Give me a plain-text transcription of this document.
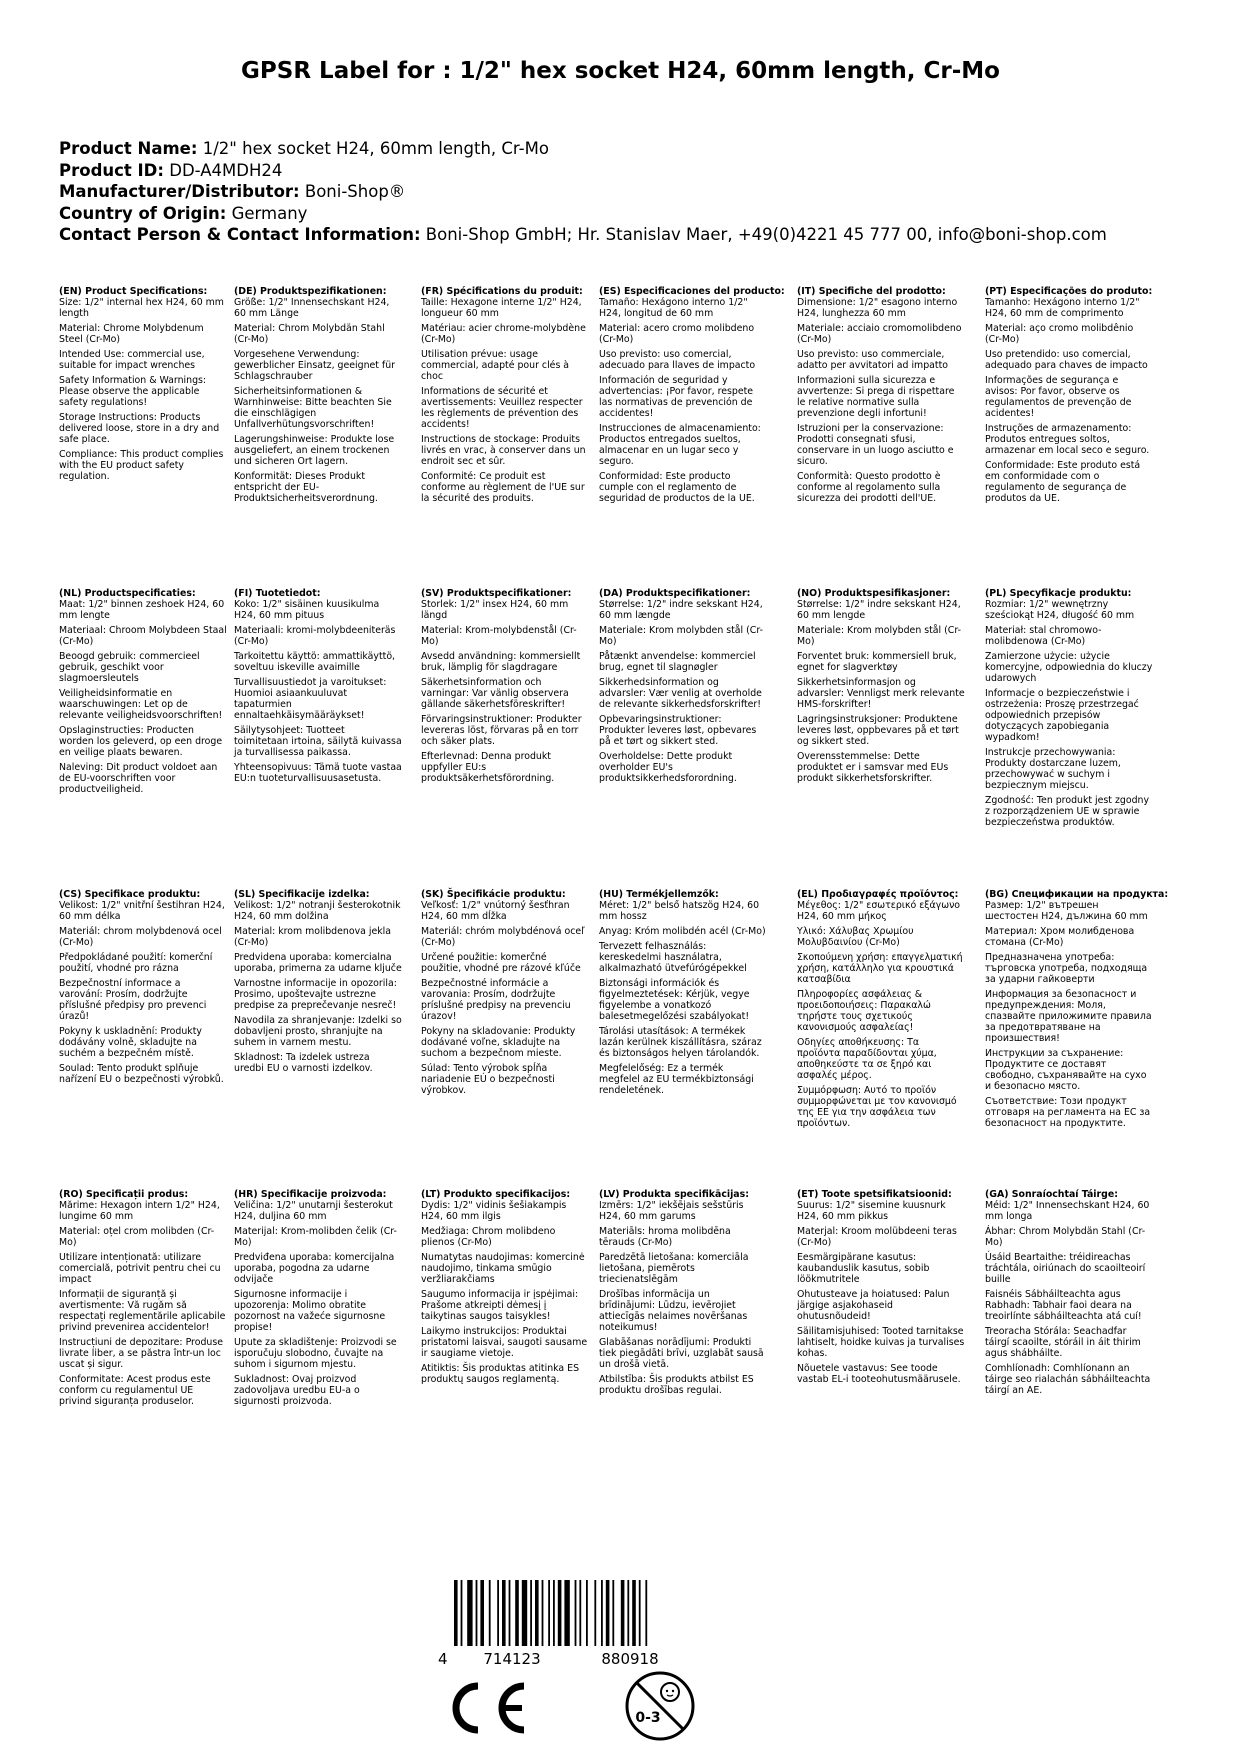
GPSR Label for : 1/2" hex socket H24, 60mm length, Cr-Mo
Product Name: 1/2" hex socket H24, 60mm length, Cr-Mo
Product ID: DD-A4MDH24
Manufacturer/Distributor: Boni-Shop®
Country of Origin: Germany
Contact Person & Contact Information: Boni-Shop GmbH; Hr. Stanislav Maer, +49(0)4221 45 777 00, info@boni-shop.com
(EN) Product Specifications:
Size: 1/2" internal hex H24, 60 mm length
Material: Chrome Molybdenum Steel (Cr-Mo)
Intended Use: commercial use, suitable for impact wrenches
Safety Information & Warnings: Please observe the applicable safety regulations!
Storage Instructions: Products delivered loose, store in a dry and safe place.
Compliance: This product complies with the EU product safety regulation.
(DE) Produktspezifikationen:
Größe: 1/2" Innensechskant H24, 60 mm Länge
Material: Chrom Molybdän Stahl (Cr-Mo)
Vorgesehene Verwendung: gewerblicher Einsatz, geeignet für Schlagschrauber
Sicherheitsinformationen & Warnhinweise: Bitte beachten Sie die einschlägigen Unfallverhütungsvorschriften!
Lagerungshinweise: Produkte lose ausgeliefert, an einem trockenen und sicheren Ort lagern.
Konformität: Dieses Produkt entspricht der EU-Produktsicherheitsverordnung.
(FR) Spécifications du produit:
Taille: Hexagone interne 1/2" H24, longueur 60 mm
Matériau: acier chrome-molybdène (Cr-Mo)
Utilisation prévue: usage commercial, adapté pour clés à choc
Informations de sécurité et avertissements: Veuillez respecter les règlements de prévention des accidents!
Instructions de stockage: Produits livrés en vrac, à conserver dans un endroit sec et sûr.
Conformité: Ce produit est conforme au règlement de l'UE sur la sécurité des produits.
(ES) Especificaciones del producto:
Tamaño: Hexágono interno 1/2" H24, longitud de 60 mm
Material: acero cromo molibdeno (Cr-Mo)
Uso previsto: uso comercial, adecuado para llaves de impacto
Información de seguridad y advertencias: ¡Por favor, respete las normativas de prevención de accidentes!
Instrucciones de almacenamiento: Productos entregados sueltos, almacenar en un lugar seco y seguro.
Conformidad: Este producto cumple con el reglamento de seguridad de productos de la UE.
(IT) Specifiche del prodotto:
Dimensione: 1/2" esagono interno H24, lunghezza 60 mm
Materiale: acciaio cromomolibdeno (Cr-Mo)
Uso previsto: uso commerciale, adatto per avvitatori ad impatto
Informazioni sulla sicurezza e avvertenze: Si prega di rispettare le relative normative sulla prevenzione degli infortuni!
Istruzioni per la conservazione: Prodotti consegnati sfusi, conservare in un luogo asciutto e sicuro.
Conformità: Questo prodotto è conforme al regolamento sulla sicurezza dei prodotti dell'UE.
(PT) Especificações do produto:
Tamanho: Hexágono interno 1/2" H24, 60 mm de comprimento
Material: aço cromo molibdênio (Cr-Mo)
Uso pretendido: uso comercial, adequado para chaves de impacto
Informações de segurança e avisos: Por favor, observe os regulamentos de prevenção de acidentes!
Instruções de armazenamento: Produtos entregues soltos, armazenar em local seco e seguro.
Conformidade: Este produto está em conformidade com o regulamento de segurança de produtos da UE.
(NL) Productspecificaties:
Maat: 1/2" binnen zeshoek H24, 60 mm lengte
Materiaal: Chroom Molybdeen Staal (Cr-Mo)
Beoogd gebruik: commercieel gebruik, geschikt voor slagmoersleutels
Veiligheidsinformatie en waarschuwingen: Let op de relevante veiligheidsvoorschriften!
Opslaginstructies: Producten worden los geleverd, op een droge en veilige plaats bewaren.
Naleving: Dit product voldoet aan de EU-voorschriften voor productveiligheid.
(FI) Tuotetiedot:
Koko: 1/2" sisäinen kuusikulma H24, 60 mm pituus
Materiaali: kromi-molybdeeniteräs (Cr-Mo)
Tarkoitettu käyttö: ammattikäyttö, soveltuu iskeville avaimille
Turvallisuustiedot ja varoitukset: Huomioi asiaankuuluvat tapaturmien ennaltaehkäisymääräykset!
Säilytysohjeet: Tuotteet toimitetaan irtoina, säilytä kuivassa ja turvallisessa paikassa.
Yhteensopivuus: Tämä tuote vastaa EU:n tuoteturvallisuusasetusta.
(SV) Produktspecifikationer:
Storlek: 1/2" insex H24, 60 mm längd
Material: Krom-molybdenstål (Cr-Mo)
Avsedd användning: kommersiellt bruk, lämplig för slagdragare
Säkerhetsinformation och varningar: Var vänlig observera gällande säkerhetsföreskrifter!
Förvaringsinstruktioner: Produkter levereras löst, förvaras på en torr och säker plats.
Efterlevnad: Denna produkt uppfyller EU:s produktsäkerhetsförordning.
(DA) Produktspecifikationer:
Størrelse: 1/2" indre sekskant H24, 60 mm længde
Materiale: Krom molybden stål (Cr-Mo)
Påtænkt anvendelse: kommerciel brug, egnet til slagnøgler
Sikkerhedsinformation og advarsler: Vær venlig at overholde de relevante sikkerhedsforskrifter!
Opbevaringsinstruktioner: Produkter leveres løst, opbevares på et tørt og sikkert sted.
Overholdelse: Dette produkt overholder EU's produktsikkerhedsforordning.
(NO) Produktspesifikasjoner:
Størrelse: 1/2" indre sekskant H24, 60 mm lengde
Materiale: Krom molybden stål (Cr-Mo)
Forventet bruk: kommersiell bruk, egnet for slagverktøy
Sikkerhetsinformasjon og advarsler: Vennligst merk relevante HMS-forskrifter!
Lagringsinstruksjoner: Produktene leveres løst, oppbevares på et tørt og sikkert sted.
Overensstemmelse: Dette produktet er i samsvar med EUs produkt sikkerhetsforskrifter.
(PL) Specyfikacje produktu:
Rozmiar: 1/2" wewnętrzny sześciokąt H24, długość 60 mm
Materiał: stal chromowo-molibdenowa (Cr-Mo)
Zamierzone użycie: użycie komercyjne, odpowiednia do kluczy udarowych
Informacje o bezpieczeństwie i ostrzeżenia: Proszę przestrzegać odpowiednich przepisów dotyczących zapobiegania wypadkom!
Instrukcje przechowywania: Produkty dostarczane luzem, przechowywać w suchym i bezpiecznym miejscu.
Zgodność: Ten produkt jest zgodny z rozporządzeniem UE w sprawie bezpieczeństwa produktów.
(CS) Specifikace produktu:
Velikost: 1/2" vnitřní šestihran H24, 60 mm délka
Materiál: chrom molybdenová ocel (Cr-Mo)
Předpokládané použití: komerční použití, vhodné pro rázna
Bezpečnostní informace a varování: Prosím, dodržujte příslušné předpisy pro prevenci úrazů!
Pokyny k uskladnění: Produkty dodávány volně, skladujte na suchém a bezpečném místě.
Soulad: Tento produkt splňuje nařízení EU o bezpečnosti výrobků.
(SL) Specifikacije izdelka:
Velikost: 1/2" notranji šesterokotnik H24, 60 mm dolžina
Material: krom molibdenova jekla (Cr-Mo)
Predvidena uporaba: komercialna uporaba, primerna za udarne ključe
Varnostne informacije in opozorila: Prosimo, upoštevajte ustrezne predpise za preprečevanje nesreč!
Navodila za shranjevanje: Izdelki so dobavljeni prosto, shranjujte na suhem in varnem mestu.
Skladnost: Ta izdelek ustreza uredbi EU o varnosti izdelkov.
(SK) Špecifikácie produktu:
Veľkosť: 1/2" vnútorný šesťhran H24, 60 mm dĺžka
Materiál: chróm molybdénová oceľ (Cr-Mo)
Určené použitie: komerčné použitie, vhodné pre rázové kľúče
Bezpečnostné informácie a varovania: Prosím, dodržujte príslušné predpisy na prevenciu úrazov!
Pokyny na skladovanie: Produkty dodávané voľne, skladujte na suchom a bezpečnom mieste.
Súlad: Tento výrobok spĺňa nariadenie EÚ o bezpečnosti výrobkov.
(HU) Termékjellemzők:
Méret: 1/2" belső hatszög H24, 60 mm hossz
Anyag: Króm molibdén acél (Cr-Mo)
Tervezett felhasználás: kereskedelmi használatra, alkalmazható ütvefúrógépekkel
Biztonsági információk és figyelmeztetések: Kérjük, vegye figyelembe a vonatkozó balesetmegelőzési szabályokat!
Tárolási utasítások: A termékek lazán kerülnek kiszállításra, száraz és biztonságos helyen tárolandók.
Megfelelőség: Ez a termék megfelel az EU termékbiztonsági rendeletének.
(EL) Προδιαγραφές προϊόντος:
Μέγεθος: 1/2" εσωτερικό εξάγωνο H24, 60 mm μήκος
Υλικό: Χάλυβας Χρωμίου Μολυβδαινίου (Cr-Mo)
Σκοπούμενη χρήση: επαγγελματική χρήση, κατάλληλο για κρουστικά κατσαβίδια
Πληροφορίες ασφάλειας & προειδοποιήσεις: Παρακαλώ τηρήστε τους σχετικούς κανονισμούς ασφαλείας!
Οδηγίες αποθήκευσης: Τα προϊόντα παραδίδονται χύμα, αποθηκεύστε τα σε ξηρό και ασφαλές μέρος.
Συμμόρφωση: Αυτό το προϊόν συμμορφώνεται με τον κανονισμό της ΕΕ για την ασφάλεια των προϊόντων.
(BG) Спецификации на продукта:
Размер: 1/2" вътрешен шестостен H24, дължина 60 mm
Материал: Хром молибденова стомана (Cr-Mo)
Предназначена употреба: търговска употреба, подходяща за ударни гайковерти
Информация за безопасност и предупреждения: Моля, спазвайте приложимите правила за предотвратяване на произшествия!
Инструкции за съхранение: Продуктите се доставят свободно, съхранявайте на сухо и безопасно място.
Съответствие: Този продукт отговаря на регламента на ЕС за безопасност на продуктите.
(RO) Specificații produs:
Mărime: Hexagon intern 1/2" H24, lungime 60 mm
Material: oțel crom molibden (Cr-Mo)
Utilizare intenționată: utilizare comercială, potrivit pentru chei cu impact
Informații de siguranță și avertismente: Vă rugăm să respectați reglementările aplicabile privind prevenirea accidentelor!
Instrucțiuni de depozitare: Produse livrate liber, a se păstra într-un loc uscat și sigur.
Conformitate: Acest produs este conform cu regulamentul UE privind siguranța produselor.
(HR) Specifikacije proizvoda:
Veličina: 1/2" unutarnji šesterokut H24, duljina 60 mm
Materijal: Krom-molibden čelik (Cr-Mo)
Predviđena uporaba: komercijalna uporaba, pogodna za udarne odvijače
Sigurnosne informacije i upozorenja: Molimo obratite pozornost na važeće sigurnosne propise!
Upute za skladištenje: Proizvodi se isporučuju slobodno, čuvajte na suhom i sigurnom mjestu.
Sukladnost: Ovaj proizvod zadovoljava uredbu EU-a o sigurnosti proizvoda.
(LT) Produkto specifikacijos:
Dydis: 1/2" vidinis šešiakampis H24, 60 mm ilgis
Medžiaga: Chrom molibdeno plienos (Cr-Mo)
Numatytas naudojimas: komercinė naudojimo, tinkama smūgio veržliarakčiams
Saugumo informacija ir įspėjimai: Prašome atkreipti dėmesį į taikytinas saugos taisykles!
Laikymo instrukcijos: Produktai pristatomi laisvai, saugoti sausame ir saugiame vietoje.
Atitiktis: Šis produktas atitinka ES produktų saugos reglamentą.
(LV) Produkta specifikācijas:
Izmērs: 1/2" iekšējais sešstūris H24, 60 mm garums
Materiāls: hroma molibdēna tērauds (Cr-Mo)
Paredzētā lietošana: komerciāla lietošana, piemērots triecienatslēgām
Drošības informācija un brīdinājumi: Lūdzu, ievērojiet attiecīgās nelaimes novēršanas noteikumus!
Glabāšanas norādījumi: Produkti tiek piegādāti brīvi, uzglabāt sausā un drošā vietā.
Atbilstība: Šis produkts atbilst ES produktu drošības regulai.
(ET) Toote spetsifikatsioonid:
Suurus: 1/2" sisemine kuusnurk H24, 60 mm pikkus
Materjal: Kroom molübdeeni teras (Cr-Mo)
Eesmärgipärane kasutus: kaubanduslik kasutus, sobib löökmutritele
Ohutusteave ja hoiatused: Palun järgige asjakohaseid ohutusnõudeid!
Säilitamisjuhised: Tooted tarnitakse lahtiselt, hoidke kuivas ja turvalises kohas.
Nõuetele vastavus: See toode vastab EL-i tooteohutusmäärusele.
(GA) Sonraíochtaí Táirge:
Méid: 1/2" Innensechskant H24, 60 mm longa
Ábhar: Chrom Molybdän Stahl (Cr-Mo)
Úsáid Beartaithe: tréidireachas tráchtála, oiriúnach do scaoilteoirí buille
Faisnéis Sábháilteachta agus Rabhadh: Tabhair faoi deara na treoirlínte sábháilteachta atá cuí!
Treoracha Stórála: Seachadfar táirgí scaoilte, stóráil in áit thirim agus shábháilte.
Comhlíonadh: Comhlíonann an táirge seo rialachán sábháilteachta táirgí an AE.
4 714123	880918
0-3
